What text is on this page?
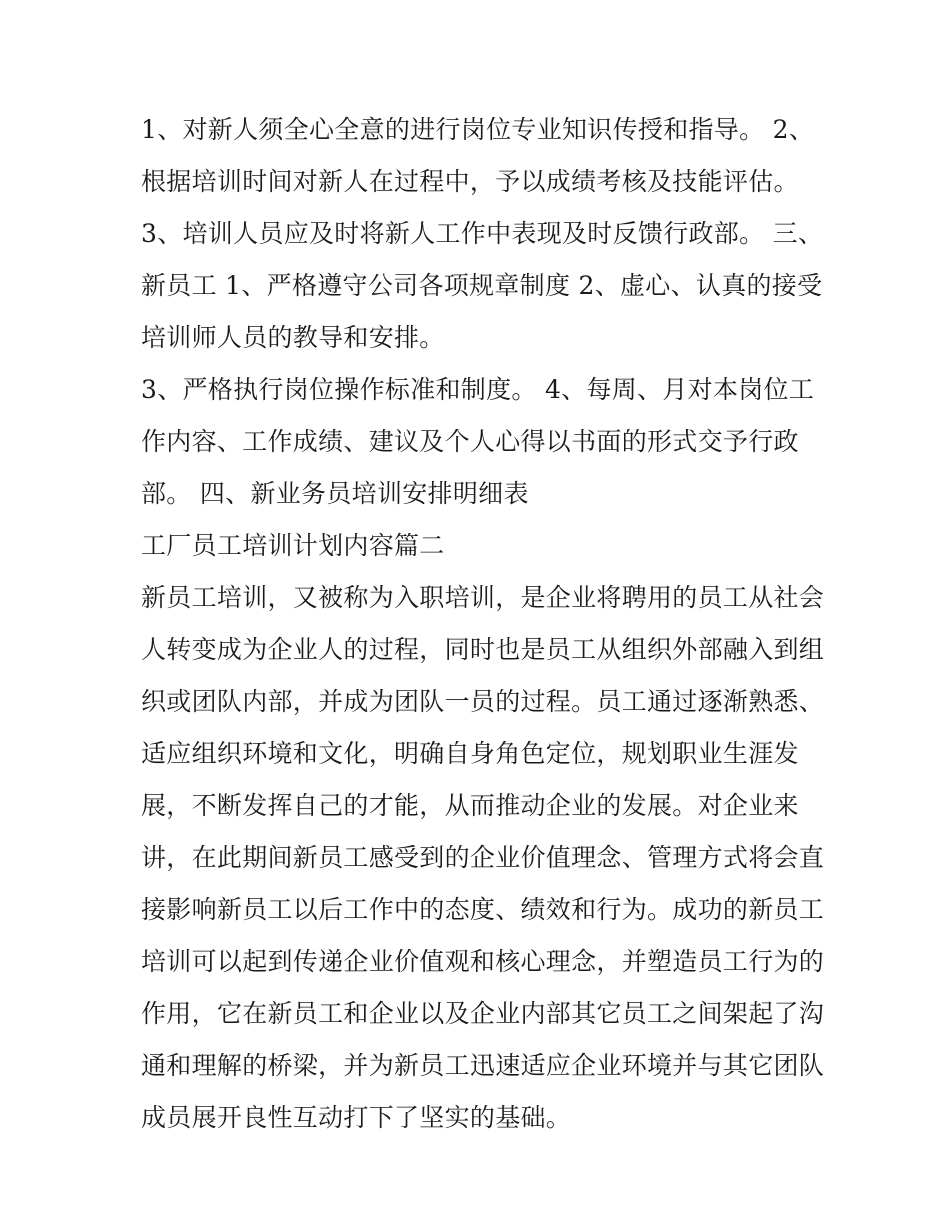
1、对新人须全心全意的进行岗位专业知识传授和指导。 2、
根据培训时间对新人在过程中，予以成绩考核及技能评估。
3、培训人员应及时将新人工作中表现及时反馈行政部。 三、
新员工 1、严格遵守公司各项规章制度 2、虚心、认真的接受
培训师人员的教导和安排。
3、严格执行岗位操作标准和制度。 4、每周、月对本岗位工
作内容、工作成绩、建议及个人心得以书面的形式交予行政
部。 四、新业务员培训安排明细表
工厂员工培训计划内容篇二
新员工培训，又被称为入职培训，是企业将聘用的员工从社会
人转变成为企业人的过程，同时也是员工从组织外部融入到组
织或团队内部，并成为团队一员的过程。员工通过逐渐熟悉、
适应组织环境和文化，明确自身角色定位，规划职业生涯发
展，不断发挥自己的才能，从而推动企业的发展。对企业来
讲，在此期间新员工感受到的企业价值理念、管理方式将会直
接影响新员工以后工作中的态度、绩效和行为。成功的新员工
培训可以起到传递企业价值观和核心理念，并塑造员工行为的
作用，它在新员工和企业以及企业内部其它员工之间架起了沟
通和理解的桥梁，并为新员工迅速适应企业环境并与其它团队
成员展开良性互动打下了坚实的基础。
